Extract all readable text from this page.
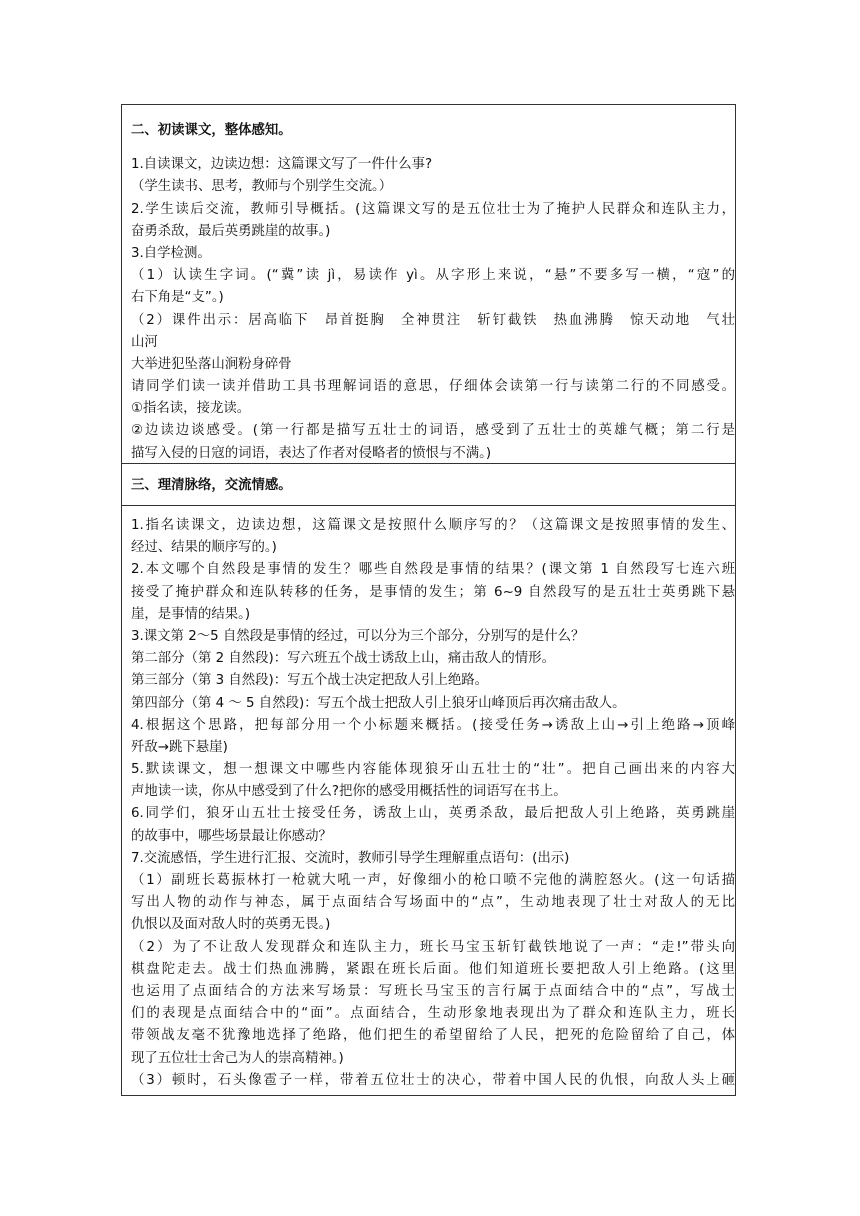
二、初读课文，整体感知。
1.自读课文，边读边想：这篇课文写了一件什么事?
（学生读书、思考，教师与个别学生交流。）
2.学生读后交流，教师引导概括。(这篇课文写的是五位壮士为了掩护人民群众和连队主力，
奋勇杀敌，最后英勇跳崖的故事。)
3.自学检测。
（1）认读生字词。(“冀”读 jì，易读作 yì。从字形上来说，“悬”不要多写一横，“寇”的
右下角是“攴”。)
（2）课件出示：居高临下　昂首挺胸　全神贯注　斩钉截铁　热血沸腾　惊天动地　气壮
山河
大举进犯坠落山涧粉身碎骨
请同学们读一读并借助工具书理解词语的意思，仔细体会读第一行与读第二行的不同感受。
①指名读，接龙读。
②边读边谈感受。(第一行都是描写五壮士的词语，感受到了五壮士的英雄气概；第二行是
描写入侵的日寇的词语，表达了作者对侵略者的愤恨与不满。)
三、理清脉络，交流情感。
1.指名读课文，边读边想，这篇课文是按照什么顺序写的？（这篇课文是按照事情的发生、
经过、结果的顺序写的。)
2.本文哪个自然段是事情的发生？哪些自然段是事情的结果？(课文第 1 自然段写七连六班
接受了掩护群众和连队转移的任务，是事情的发生；第 6~9 自然段写的是五壮士英勇跳下悬
崖，是事情的结果。)
3.课文第 2～5 自然段是事情的经过，可以分为三个部分，分别写的是什么？
第二部分（第 2 自然段)：写六班五个战士诱敌上山，痛击敌人的情形。
第三部分（第 3 自然段)：写五个战士决定把敌人引上绝路。
第四部分（第 4 ～ 5 自然段)：写五个战士把敌人引上狼牙山峰顶后再次痛击敌人。
4.根据这个思路，把每部分用一个小标题来概括。(接受任务→诱敌上山→引上绝路→顶峰
歼敌→跳下悬崖)
5.默读课文，想一想课文中哪些内容能体现狼牙山五壮士的“壮”。把自己画出来的内容大
声地读一读，你从中感受到了什么?把你的感受用概括性的词语写在书上。
6.同学们，狼牙山五壮士接受任务，诱敌上山，英勇杀敌，最后把敌人引上绝路，英勇跳崖
的故事中，哪些场景最让你感动？
7.交流感悟，学生进行汇报、交流时，教师引导学生理解重点语句：(出示)
（1）副班长葛振林打一枪就大吼一声，好像细小的枪口喷不完他的满腔怒火。(这一句话描
写出人物的动作与神态，属于点面结合写场面中的“点”，生动地表现了壮士对敌人的无比
仇恨以及面对敌人时的英勇无畏。)
（2）为了不让敌人发现群众和连队主力，班长马宝玉斩钉截铁地说了一声：“走!”带头向
棋盘陀走去。战士们热血沸腾，紧跟在班长后面。他们知道班长要把敌人引上绝路。(这里
也运用了点面结合的方法来写场景：写班长马宝玉的言行属于点面结合中的“点”，写战士
们的表现是点面结合中的“面”。点面结合，生动形象地表现出为了群众和连队主力，班长
带领战友毫不犹豫地选择了绝路，他们把生的希望留给了人民，把死的危险留给了自己，体
现了五位壮士舍己为人的崇高精神。)
（3）顿时，石头像雹子一样，带着五位壮士的决心，带着中国人民的仇恨，向敌人头上砸
